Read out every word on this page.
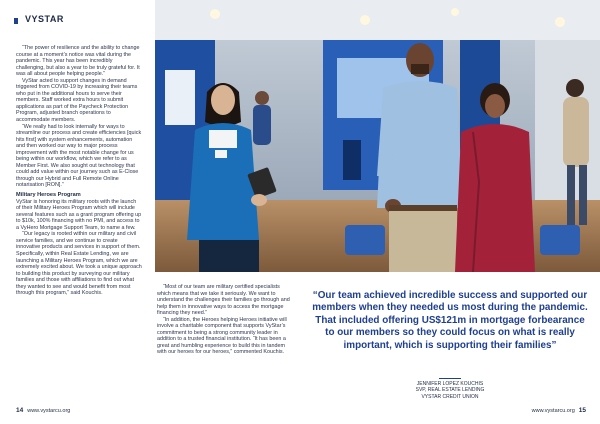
VYSTAR

“The power of resilience and the ability to change course at a moment’s notice was vital during the pandemic. This year has been incredibly challenging, but also a year to be truly grateful for. It was all about people helping people.”

VyStar acted to support changes in demand triggered from COVID-19 by increasing their teams who put in the additional hours to serve their members. Staff worked extra hours to submit applications as part of the Paycheck Protection Program, adjusted branch operations to accommodate members.

“We really had to look internally for ways to streamline our process and create efficiencies [quick hits first] with system enhancements, automation and then worked our way to major process improvement with the most notable change for us being within our workflow, which we refer to as Member First. We also sought out technology that could add value within our journey such as E-Close through our Hybrid and Full Remote Online notarisation [RON].”

Military Heroes Program

VyStar is honoring its military roots with the launch of their Military Heroes Program which will include several features such as a grant program offering up to $10k, 100% financing with no PMI, and access to a VyHero Mortgage Support Team, to name a few.

“Our legacy is rooted within our military and civil service families, and we continue to create innovative products and services in support of them. Specifically, within Real Estate Lending, we are launching a Military Heroes Program, which we are extremely excited about. We took a unique approach to building this product by surveying our military families and those with affiliations to find out what they wanted to see and would benefit from most through this program,” said Kouchis.

“Most of our team are military certified specialists which means that we take it seriously. We want to understand the challenges their families go through and help them in innovative ways to access the mortgage financing they need.”

“In addition, the Heroes helping Heroes initiative will involve a charitable component that supports VyStar’s commitment to being a strong community leader in addition to a trusted financial institution. “It has been a great and humbling experience to build this in tandem with our heroes for our heroes,” commented Kouchis.

14 www.vystarcu.org
“Our team achieved incredible success and supported our members when they needed us most during the pandemic. That included offering US$121m in mortgage forbearance to our members so they could focus on what is really important, which is supporting their families”
JENNIFER LOPEZ KOUCHIS
SVP, REAL ESTATE LENDING
VYSTAR CREDIT UNION
www.vystarcu.org 15
